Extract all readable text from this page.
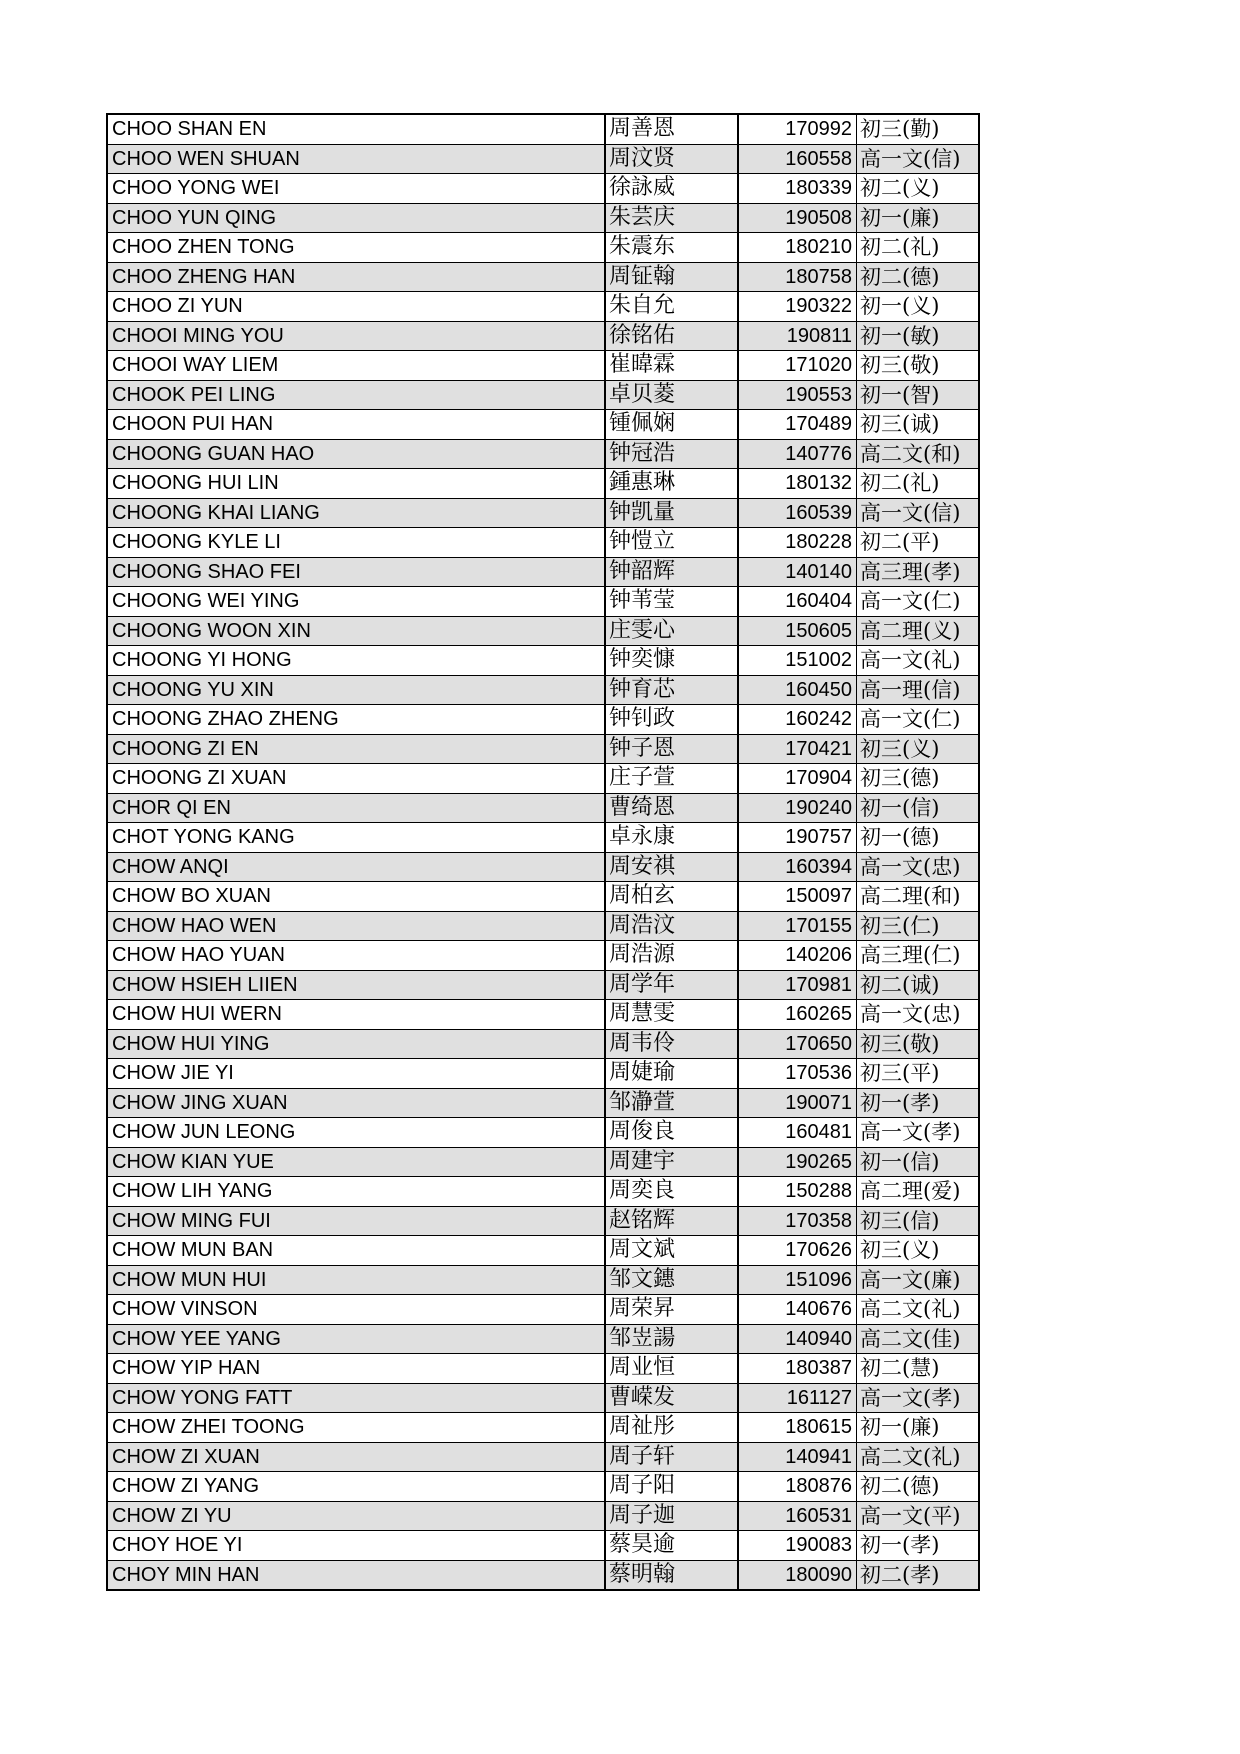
CHOO SHAN EN	周善恩	170992	初三(勤)
CHOO WEN SHUAN	周汶贤	160558	高一文(信)
CHOO YONG WEI	徐詠威	180339	初二(义)
CHOO YUN QING	朱芸庆	190508	初一(廉)
CHOO ZHEN TONG	朱震东	180210	初二(礼)
CHOO ZHENG HAN	周钲翰	180758	初二(德)
CHOO ZI YUN	朱自允	190322	初一(义)
CHOOI MING YOU	徐铭佑	190811	初一(敏)
CHOOI WAY LIEM	崔暐霖	171020	初三(敬)
CHOOK PEI LING	卓贝菱	190553	初一(智)
CHOON PUI HAN	锺佩娴	170489	初三(诚)
CHOONG GUAN HAO	钟冠浩	140776	高二文(和)
CHOONG HUI LIN	鍾惠琳	180132	初二(礼)
CHOONG KHAI LIANG	钟凯量	160539	高一文(信)
CHOONG KYLE LI	钟愷立	180228	初二(平)
CHOONG SHAO FEI	钟韶辉	140140	高三理(孝)
CHOONG WEI YING	钟苇莹	160404	高一文(仁)
CHOONG WOON XIN	庄雯心	150605	高二理(义)
CHOONG YI HONG	钟奕慷	151002	高一文(礼)
CHOONG YU XIN	钟育芯	160450	高一理(信)
CHOONG ZHAO ZHENG	钟钊政	160242	高一文(仁)
CHOONG ZI EN	钟子恩	170421	初三(义)
CHOONG ZI XUAN	庄子萱	170904	初三(德)
CHOR QI EN	曹绮恩	190240	初一(信)
CHOT YONG KANG	卓永康	190757	初一(德)
CHOW ANQI	周安祺	160394	高一文(忠)
CHOW BO XUAN	周柏玄	150097	高二理(和)
CHOW HAO WEN	周浩汶	170155	初三(仁)
CHOW HAO YUAN	周浩源	140206	高三理(仁)
CHOW HSIEH LIIEN	周学年	170981	初二(诚)
CHOW HUI WERN	周慧雯	160265	高一文(忠)
CHOW HUI YING	周韦伶	170650	初三(敬)
CHOW JIE YI	周婕瑜	170536	初三(平)
CHOW JING XUAN	邹瀞萱	190071	初一(孝)
CHOW JUN LEONG	周俊良	160481	高一文(孝)
CHOW KIAN YUE	周建宇	190265	初一(信)
CHOW LIH YANG	周奕良	150288	高二理(爱)
CHOW MING FUI	赵铭辉	170358	初三(信)
CHOW MUN BAN	周文斌	170626	初三(义)
CHOW MUN HUI	邹文鏸	151096	高一文(廉)
CHOW VINSON	周荣昇	140676	高二文(礼)
CHOW YEE YANG	邹岦諹	140940	高二文(佳)
CHOW YIP HAN	周业恒	180387	初二(慧)
CHOW YONG FATT	曹嵘发	161127	高一文(孝)
CHOW ZHEI TOONG	周祉彤	180615	初一(廉)
CHOW ZI XUAN	周子轩	140941	高二文(礼)
CHOW ZI YANG	周子阳	180876	初二(德)
CHOW ZI YU	周子迦	160531	高一文(平)
CHOY HOE YI	蔡昊逾	190083	初一(孝)
CHOY MIN HAN	蔡明翰	180090	初二(孝)
